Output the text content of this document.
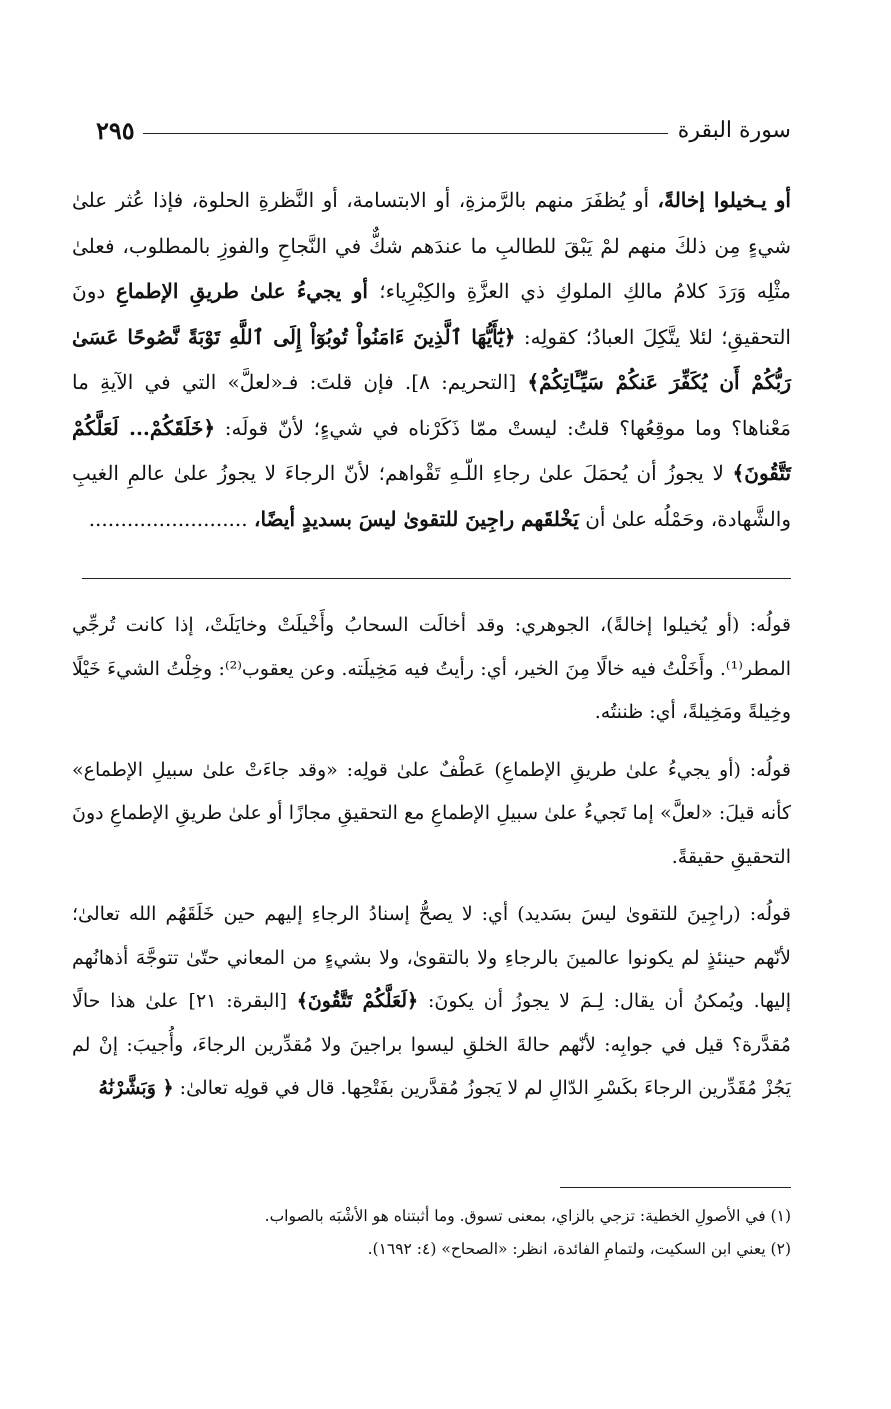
سورة البقرة
٢٩٥

أو يـخيلوا إخالةً، أو يُظفَرَ منهم بالرَّمزةِ، أو الابتسامة، أو النَّظرةِ الحلوة، فإذا عُثر علىٰ شيءٍ مِن ذلكَ منهم لمْ يَبْقَ للطالبِ ما عندَهم شكٌّ في النَّجاحِ والفوزِ بالمطلوب، فعلىٰ مثْلِه وَرَدَ كلامُ مالكِ الملوكِ ذي العزَّةِ والكِبْرِياء؛ أو يجيءُ علىٰ طريقِ الإطماعِ دونَ التحقيقِ؛ لئلا يتَّكِلَ العبادُ؛ كقولِه: ﴿يَٰٓأَيُّهَا ٱلَّذِينَ ءَامَنُواْ تُوبُوٓاْ إِلَى ٱللَّهِ تَوْبَةً نَّصُوحًا عَسَىٰ رَبُّكُمْ أَن يُكَفِّرَ عَنكُمْ سَيِّـَٔاتِكُمْ﴾ [التحريم: ٨]. فإن قلتَ: فـ«لعلَّ» التي في الآيةِ ما مَعْناها؟ وما موقِعُها؟ قلتُ: ليستْ ممّا ذَكَرْناه في شيءٍ؛ لأنّ قولَه: ﴿خَلَقَكُمْ... لَعَلَّكُمْ تَتَّقُونَ﴾ لا يجوزُ أن يُحمَلَ علىٰ رجاءِ اللّـهِ تَقْواهم؛ لأنّ الرجاءَ لا يجوزُ علىٰ عالمِ الغيبِ والشَّهادة، وحَمْلُه علىٰ أن يَخْلقَهم راجِينَ للتقوىٰ ليسَ بسديدٍ أيضًا، .........................

قولُه: (أو يُخيلوا إخالةً)، الجوهري: وقد أخالَت السحابُ وأَخْيلَتْ وخايَلَتْ، إذا كانت تُرجِّي المطر⁽¹⁾. وأَخَلْتُ فيه خالًا مِنَ الخير، أي: رأيتُ فيه مَخِيلَته. وعن يعقوب⁽²⁾: وخِلْتُ الشيءَ خَيْلًا وخِيلةً ومَخِيلةً، أي: ظننتُه.

قولُه: (أو يجيءُ علىٰ طريقِ الإطماعِ) عَطْفٌ علىٰ قولِه: «وقد جاءَتْ علىٰ سبيلِ الإطماع» كأنه قيلَ: «لعلَّ» إما تَجيءُ علىٰ سبيلِ الإطماعِ مع التحقيقِ مجازًا أو علىٰ طريقِ الإطماعِ دونَ التحقيقِ حقيقةً.

قولُه: (راجِينَ للتقوىٰ ليسَ بسَديد) أي: لا يصحُّ إسنادُ الرجاءِ إليهم حين خَلَقَهُم الله تعالىٰ؛ لأنّهم حينئذٍ لم يكونوا عالمينَ بالرجاءِ ولا بالتقوىٰ، ولا بشيءٍ من المعاني حتّىٰ تتوجَّهَ أذهانُهم إليها. ويُمكنُ أن يقال: لِـمَ لا يجوزُ أن يكونَ: ﴿لَعَلَّكُمْ تَتَّقُونَ﴾ [البقرة: ٢١] علىٰ هذا حالًا مُقدَّرة؟ قيل في جوابِه: لأنّهم حالةَ الخلقِ ليسوا براجينَ ولا مُقدِّرين الرجاءَ، وأُجيبَ: إنْ لم يَجُزْ مُقَدِّرين الرجاءَ بكَسْرِ الدّالِ لم لا يَجوزُ مُقدَّرين بفَتْحِها. قال في قولِه تعالىٰ: ﴿ وَبَشَّرْنَٰهُ

(١) في الأصولِ الخطية: تزجي بالزاي، بمعنى تسوق. وما أثبتناه هو الأشْبَه بالصواب.

(٢) يعني ابن السكيت، ولتمامِ الفائدة، انظر: «الصحاح» (٤: ١٦٩٢).
